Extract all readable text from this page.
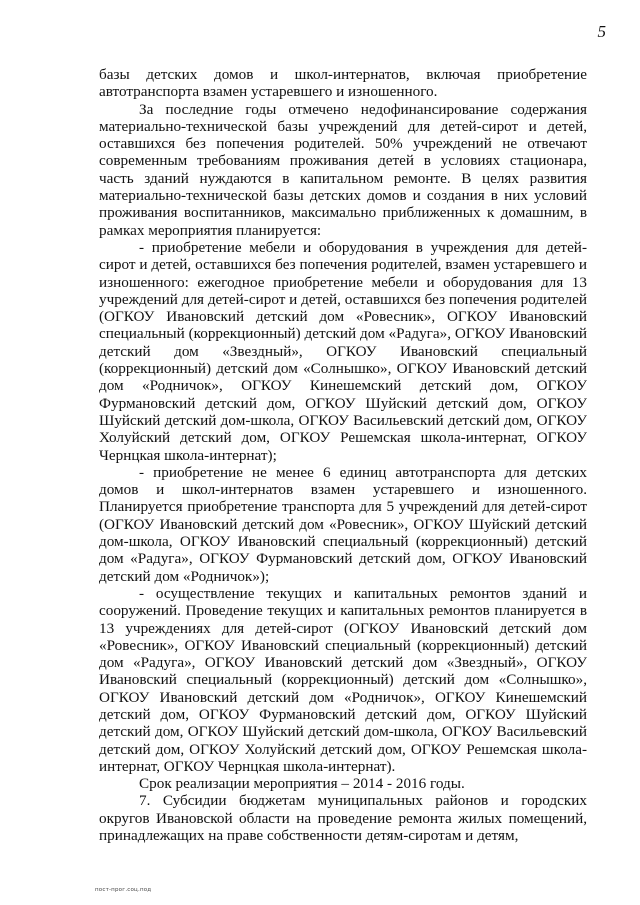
5

базы детских домов и школ-интернатов, включая приобретение автотранспорта взамен устаревшего и изношенного.

За последние годы отмечено недофинансирование содержания материально-технической базы учреждений для детей-сирот и детей, оставшихся без попечения родителей. 50% учреждений не отвечают современным требованиям проживания детей в условиях стационара, часть зданий нуждаются в капитальном ремонте. В целях развития материально-технической базы детских домов и создания в них условий проживания воспитанников, максимально приближенных к домашним, в рамках мероприятия планируется:

- приобретение мебели и оборудования в учреждения для детей-сирот и детей, оставшихся без попечения родителей, взамен устаревшего и изношенного: ежегодное приобретение мебели и оборудования для 13 учреждений для детей-сирот и детей, оставшихся без попечения родителей (ОГКОУ Ивановский детский дом «Ровесник», ОГКОУ Ивановский специальный (коррекционный) детский дом «Радуга», ОГКОУ Ивановский детский дом «Звездный», ОГКОУ Ивановский специальный (коррекционный) детский дом «Солнышко», ОГКОУ Ивановский детский дом «Родничок», ОГКОУ Кинешемский детский дом, ОГКОУ Фурмановский детский дом, ОГКОУ Шуйский детский дом, ОГКОУ Шуйский детский дом-школа, ОГКОУ Васильевский детский дом, ОГКОУ Холуйский детский дом, ОГКОУ Решемская школа-интернат, ОГКОУ Чернцкая школа-интернат);

- приобретение не менее 6 единиц автотранспорта для детских домов и школ-интернатов взамен устаревшего и изношенного. Планируется приобретение транспорта для 5 учреждений для детей-сирот (ОГКОУ Ивановский детский дом «Ровесник», ОГКОУ Шуйский детский дом-школа, ОГКОУ Ивановский специальный (коррекционный) детский дом «Радуга», ОГКОУ Фурмановский детский дом, ОГКОУ Ивановский детский дом «Родничок»);

- осуществление текущих и капитальных ремонтов зданий и сооружений. Проведение текущих и капитальных ремонтов планируется в 13 учреждениях для детей-сирот (ОГКОУ Ивановский детский дом «Ровесник», ОГКОУ Ивановский специальный (коррекционный) детский дом «Радуга», ОГКОУ Ивановский детский дом «Звездный», ОГКОУ Ивановский специальный (коррекционный) детский дом «Солнышко», ОГКОУ Ивановский детский дом «Родничок», ОГКОУ Кинешемский детский дом, ОГКОУ Фурмановский детский дом, ОГКОУ Шуйский детский дом, ОГКОУ Шуйский детский дом-школа, ОГКОУ Васильевский детский дом, ОГКОУ Холуйский детский дом, ОГКОУ Решемская школа-интернат, ОГКОУ Чернцкая школа-интернат).

Срок реализации мероприятия – 2014 - 2016 годы.

7. Субсидии бюджетам муниципальных районов и городских округов Ивановской области на проведение ремонта жилых помещений, принадлежащих на праве собственности детям-сиротам и детям,

пост-прог.соц.под
